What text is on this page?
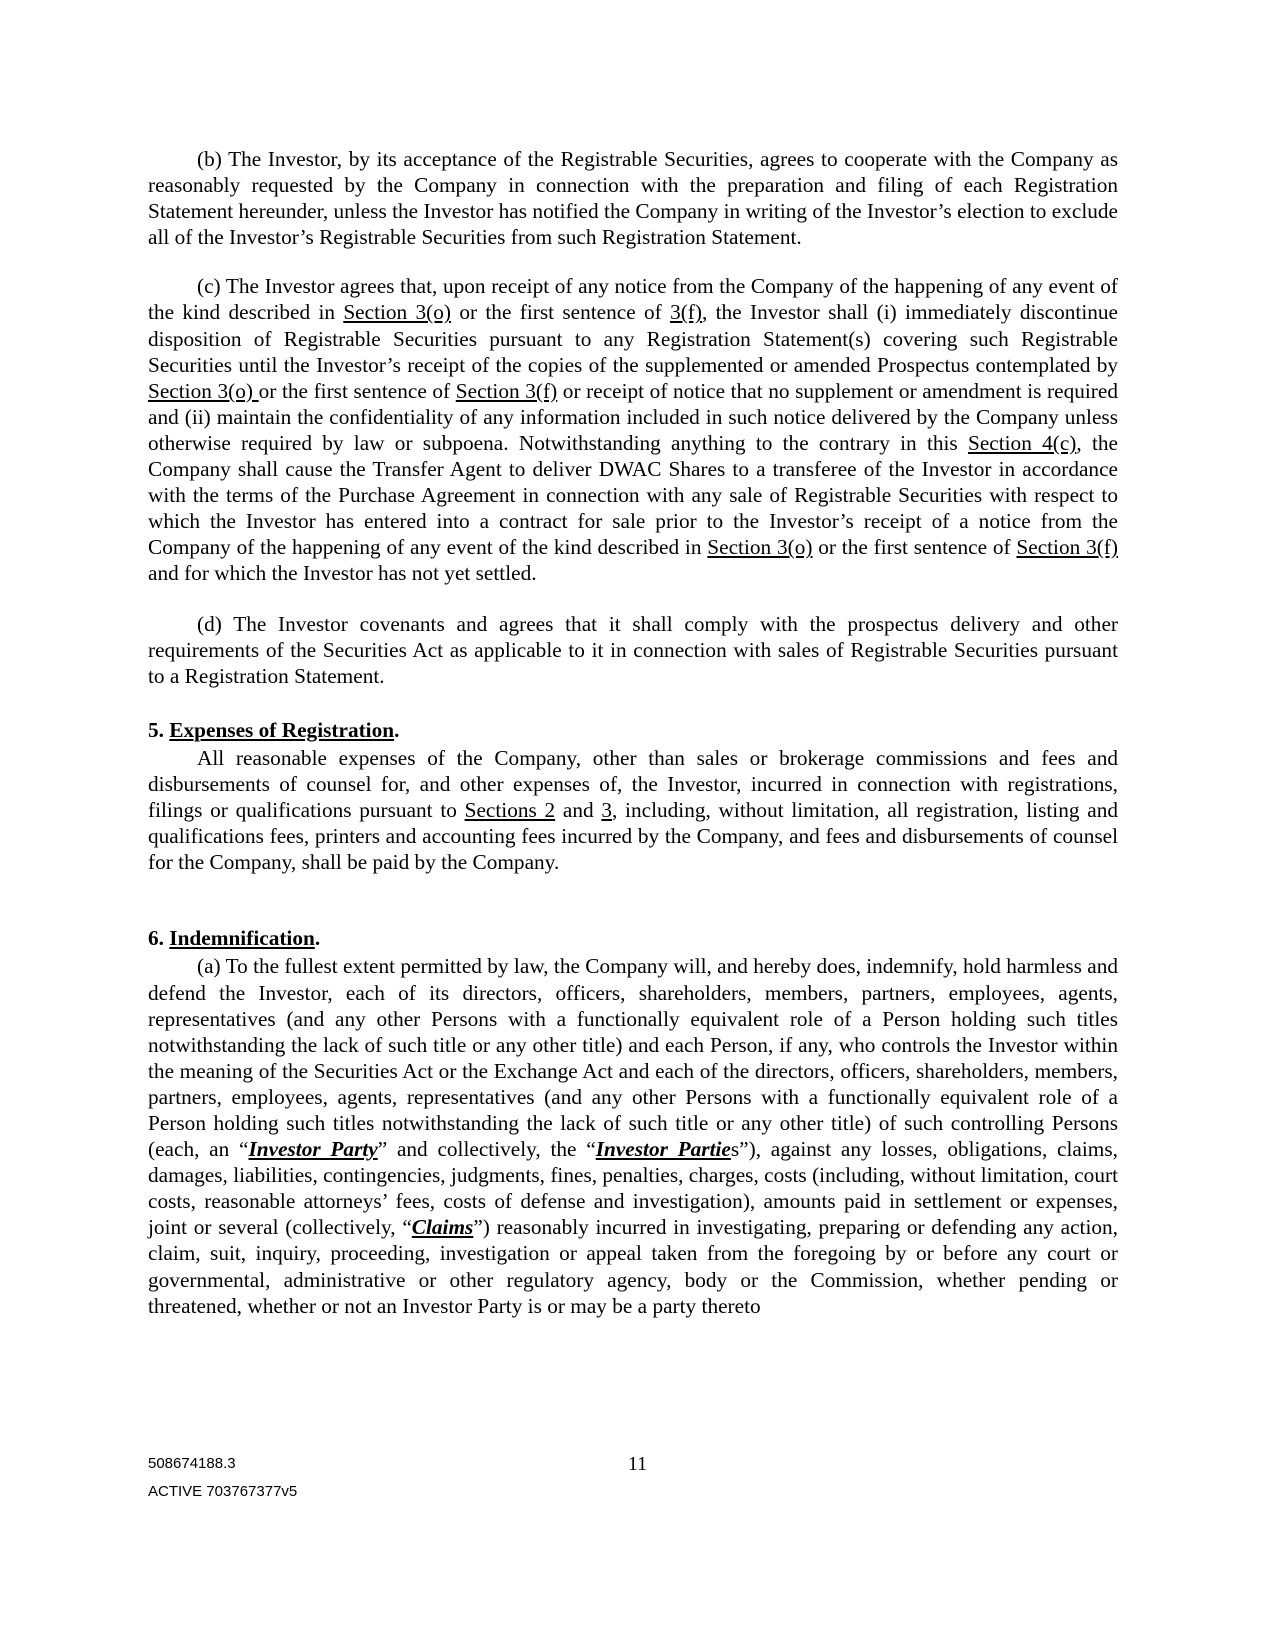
(b) The Investor, by its acceptance of the Registrable Securities, agrees to cooperate with the Company as reasonably requested by the Company in connection with the preparation and filing of each Registration Statement hereunder, unless the Investor has notified the Company in writing of the Investor’s election to exclude all of the Investor’s Registrable Securities from such Registration Statement.

(c) The Investor agrees that, upon receipt of any notice from the Company of the happening of any event of the kind described in Section 3(o) or the first sentence of 3(f), the Investor shall (i) immediately discontinue disposition of Registrable Securities pursuant to any Registration Statement(s) covering such Registrable Securities until the Investor’s receipt of the copies of the supplemented or amended Prospectus contemplated by Section 3(o) or the first sentence of Section 3(f) or receipt of notice that no supplement or amendment is required and (ii) maintain the confidentiality of any information included in such notice delivered by the Company unless otherwise required by law or subpoena. Notwithstanding anything to the contrary in this Section 4(c), the Company shall cause the Transfer Agent to deliver DWAC Shares to a transferee of the Investor in accordance with the terms of the Purchase Agreement in connection with any sale of Registrable Securities with respect to which the Investor has entered into a contract for sale prior to the Investor’s receipt of a notice from the Company of the happening of any event of the kind described in Section 3(o) or the first sentence of Section 3(f) and for which the Investor has not yet settled.

(d) The Investor covenants and agrees that it shall comply with the prospectus delivery and other requirements of the Securities Act as applicable to it in connection with sales of Registrable Securities pursuant to a Registration Statement.

5. Expenses of Registration.

All reasonable expenses of the Company, other than sales or brokerage commissions and fees and disbursements of counsel for, and other expenses of, the Investor, incurred in connection with registrations, filings or qualifications pursuant to Sections 2 and 3, including, without limitation, all registration, listing and qualifications fees, printers and accounting fees incurred by the Company, and fees and disbursements of counsel for the Company, shall be paid by the Company.

6. Indemnification.

(a) To the fullest extent permitted by law, the Company will, and hereby does, indemnify, hold harmless and defend the Investor, each of its directors, officers, shareholders, members, partners, employees, agents, representatives (and any other Persons with a functionally equivalent role of a Person holding such titles notwithstanding the lack of such title or any other title) and each Person, if any, who controls the Investor within the meaning of the Securities Act or the Exchange Act and each of the directors, officers, shareholders, members, partners, employees, agents, representatives (and any other Persons with a functionally equivalent role of a Person holding such titles notwithstanding the lack of such title or any other title) of such controlling Persons (each, an “Investor Party” and collectively, the “Investor Parties”), against any losses, obligations, claims, damages, liabilities, contingencies, judgments, fines, penalties, charges, costs (including, without limitation, court costs, reasonable attorneys’ fees, costs of defense and investigation), amounts paid in settlement or expenses, joint or several (collectively, “Claims”) reasonably incurred in investigating, preparing or defending any action, claim, suit, inquiry, proceeding, investigation or appeal taken from the foregoing by or before any court or governmental, administrative or other regulatory agency, body or the Commission, whether pending or threatened, whether or not an Investor Party is or may be a party thereto

508674188.3
ACTIVE 703767377v5
11
